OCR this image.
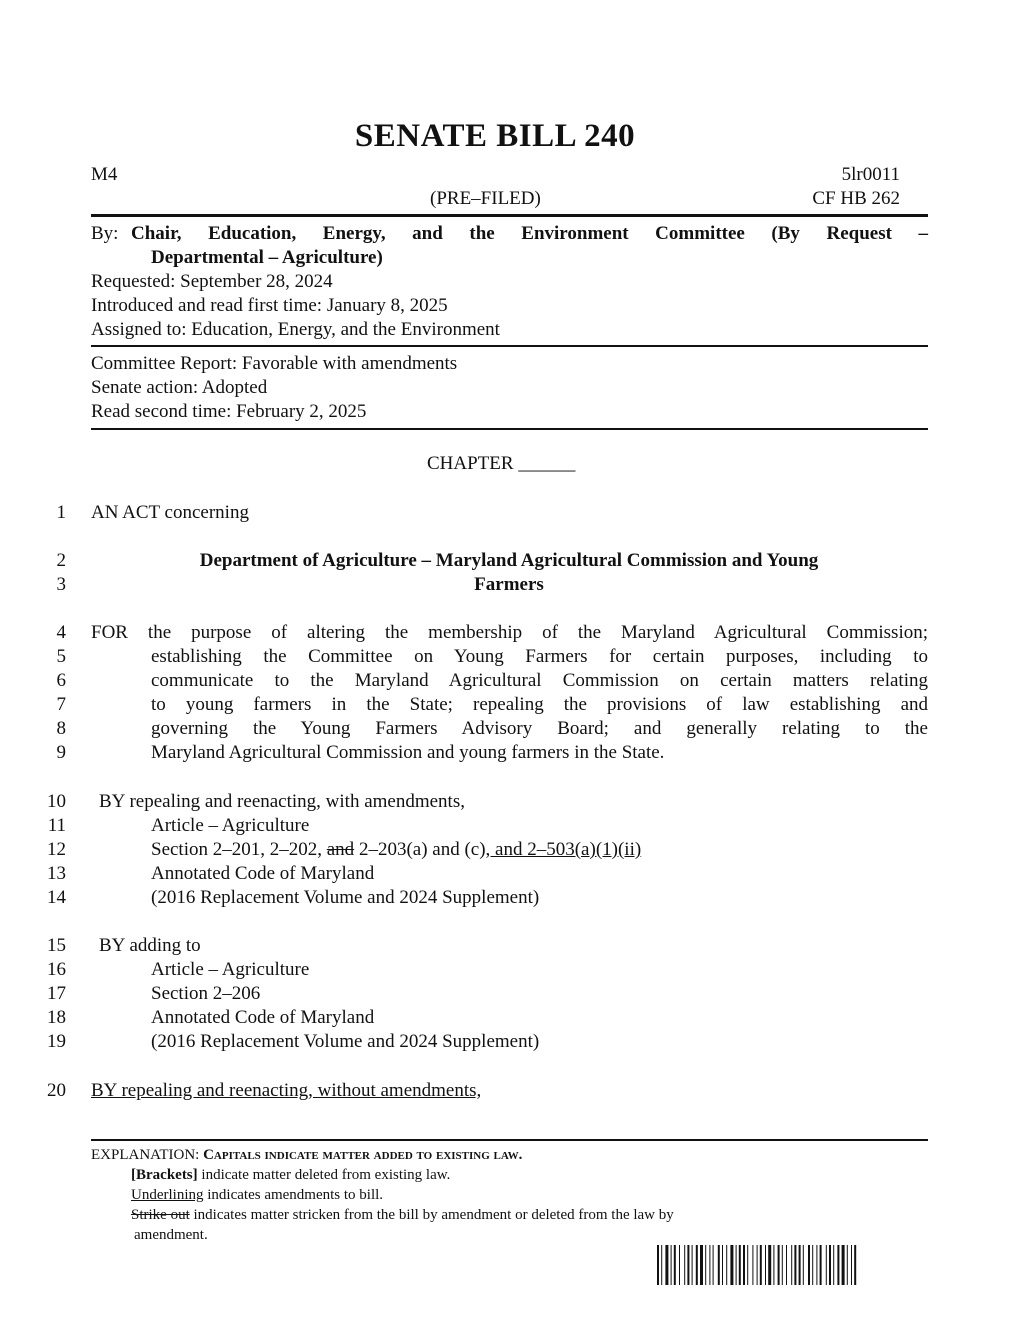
SENATE BILL 240
M4	5lr0011
(PRE–FILED)	CF HB 262
By: Chair, Education, Energy, and the Environment Committee (By Request –
Departmental – Agriculture)
Requested: September 28, 2024
Introduced and read first time: January 8, 2025
Assigned to: Education, Energy, and the Environment
Committee Report: Favorable with amendments
Senate action: Adopted
Read second time: February 2, 2025
CHAPTER ______
1
2
3
4
5
6
7
8
9
10
11
12
13
14
15
16
17
18
19
20
AN ACT concerning
Department of Agriculture – Maryland Agricultural Commission and Young
Farmers
FOR the purpose of altering the membership of the Maryland Agricultural Commission;
establishing the Committee on Young Farmers for certain purposes, including to
communicate to the Maryland Agricultural Commission on certain matters relating
to young farmers in the State; repealing the provisions of law establishing and
governing the Young Farmers Advisory Board; and generally relating to the
Maryland Agricultural Commission and young farmers in the State.
BY repealing and reenacting, with amendments,
Article – Agriculture
Section 2–201, 2–202, and 2–203(a) and (c), and 2–503(a)(1)(ii)
Annotated Code of Maryland
(2016 Replacement Volume and 2024 Supplement)
BY adding to
Article – Agriculture
Section 2–206
Annotated Code of Maryland
(2016 Replacement Volume and 2024 Supplement)
BY repealing and reenacting, without amendments,
EXPLANATION: Capitals indicate matter added to existing law.
[Brackets] indicate matter deleted from existing law.
Underlining indicates amendments to bill.
Strike out indicates matter stricken from the bill by amendment or deleted from the law by
amendment.
